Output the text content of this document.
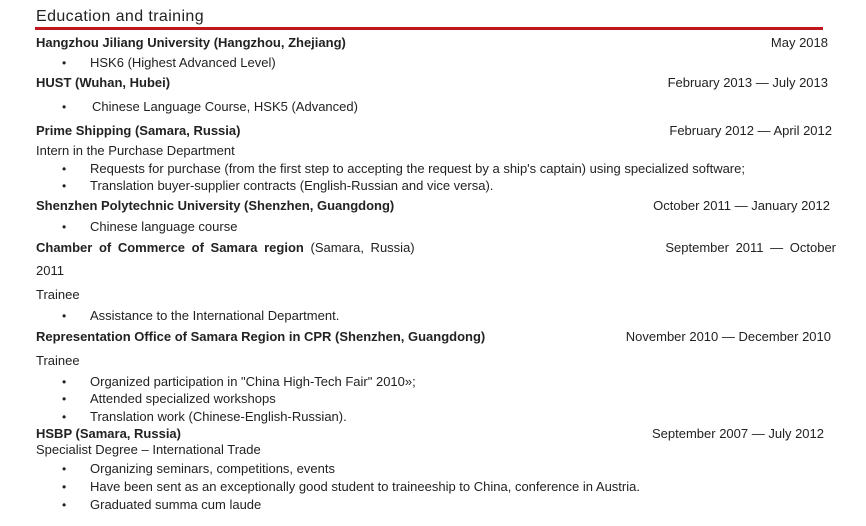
Education and training
Hangzhou Jiliang University (Hangzhou, Zhejiang)	May 2018
• HSK6 (Highest Advanced Level)
HUST (Wuhan, Hubei)	February 2013 — July 2013
• Chinese Language Course, HSK5 (Advanced)
Prime Shipping (Samara, Russia)	February 2012 — April 2012
Intern in the Purchase Department
• Requests for purchase (from the first step to accepting the request by a ship's captain) using specialized software;
• Translation buyer-supplier contracts (English-Russian and vice versa).
Shenzhen Polytechnic University (Shenzhen, Guangdong)	October 2011 — January 2012
• Chinese language course
Chamber of Commerce of Samara region (Samara, Russia)	September 2011 — October
2011
Trainee
• Assistance to the International Department.
Representation Office of Samara Region in CPR (Shenzhen, Guangdong)	November 2010 — December 2010
Trainee
• Organized participation in "China High-Tech Fair" 2010»;
• Attended specialized workshops
• Translation work (Chinese-English-Russian).
HSBP (Samara, Russia)	September 2007 — July 2012
Specialist Degree – International Trade
• Organizing seminars, competitions, events
• Have been sent as an exceptionally good student to traineeship to China, conference in Austria.
• Graduated summa cum laude
